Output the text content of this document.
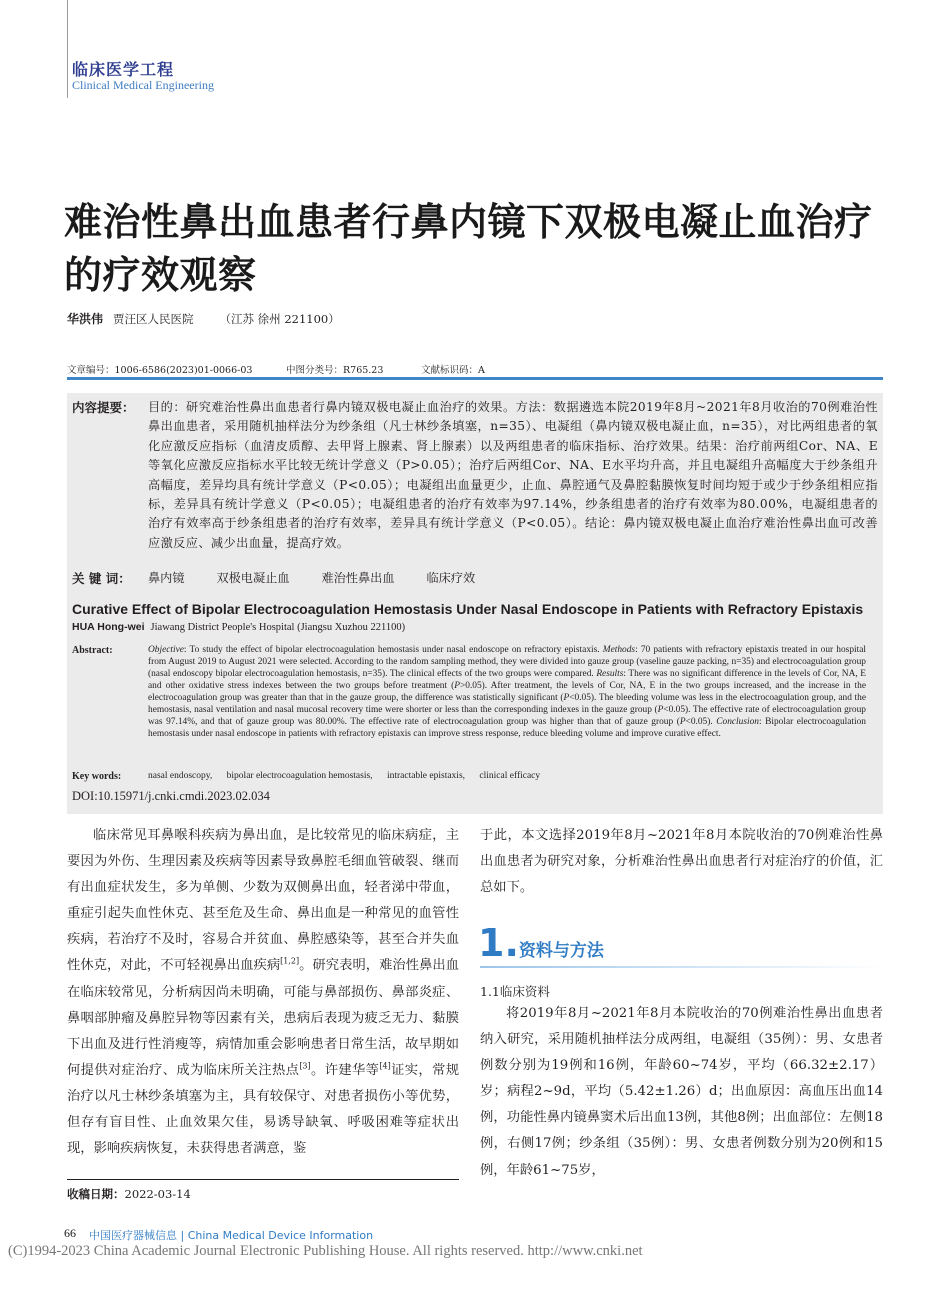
临床医学工程
Clinical Medical Engineering
难治性鼻出血患者行鼻内镜下双极电凝止血治疗的疗效观察
华洪伟 贾汪区人民医院 （江苏 徐州 221100）
文章编号：1006-6586(2023)01-0066-03	中图分类号：R765.23	文献标识码：A
内容提要： 目的：研究难治性鼻出血患者行鼻内镜双极电凝止血治疗的效果。方法：数据遴选本院2019年8月~2021年8月收治的70例难治性鼻出血患者，采用随机抽样法分为纱条组（凡士林纱条填塞，n=35）、电凝组（鼻内镜双极电凝止血，n=35），对比两组患者的氧化应激反应指标（血清皮质醇、去甲肾上腺素、肾上腺素）以及两组患者的临床指标、治疗效果。结果：治疗前两组Cor、NA、E等氧化应激反应指标水平比较无统计学意义（P>0.05）；治疗后两组Cor、NA、E水平均升高，并且电凝组升高幅度大于纱条组升高幅度，差异均具有统计学意义（P<0.05）；电凝组出血量更少，止血、鼻腔通气及鼻腔黏膜恢复时间均短于或少于纱条组相应指标，差异具有统计学意义（P<0.05）；电凝组患者的治疗有效率为97.14%，纱条组患者的治疗有效率为80.00%，电凝组患者的治疗有效率高于纱条组患者的治疗有效率，差异具有统计学意义（P<0.05）。结论：鼻内镜双极电凝止血治疗难治性鼻出血可改善应激反应、减少出血量，提高疗效。
关 键 词： 鼻内镜	双极电凝止血	难治性鼻出血	临床疗效
Curative Effect of Bipolar Electrocoagulation Hemostasis Under Nasal Endoscope in Patients with Refractory Epistaxis
HUA Hong-wei Jiawang District People's Hospital (Jiangsu Xuzhou 221100)
Abstract:	Objective: To study the effect of bipolar electrocoagulation hemostasis under nasal endoscope on refractory epistaxis. Methods: 70 patients with refractory epistaxis treated in our hospital from August 2019 to August 2021 were selected. According to the random sampling method, they were divided into gauze group (vaseline gauze packing, n=35) and electrocoagulation group (nasal endoscopy bipolar electrocoagulation hemostasis, n=35). The clinical effects of the two groups were compared. Results: There was no significant difference in the levels of Cor, NA, E and other oxidative stress indexes between the two groups before treatment (P>0.05). After treatment, the levels of Cor, NA, E in the two groups increased, and the increase in the electrocoagulation group was greater than that in the gauze group, the difference was statistically significant (P<0.05). The bleeding volume was less in the electrocoagulation group, and the hemostasis, nasal ventilation and nasal mucosal recovery time were shorter or less than the corresponding indexes in the gauze group (P<0.05). The effective rate of electrocoagulation group was 97.14%, and that of gauze group was 80.00%. The effective rate of electrocoagulation group was higher than that of gauze group (P<0.05). Conclusion: Bipolar electrocoagulation hemostasis under nasal endoscope in patients with refractory epistaxis can improve stress response, reduce bleeding volume and improve curative effect.
Key words:	nasal endoscopy, bipolar electrocoagulation hemostasis, intractable epistaxis, clinical efficacy
DOI:10.15971/j.cnki.cmdi.2023.02.034

临床常见耳鼻喉科疾病为鼻出血，是比较常见的临床病症，主要因为外伤、生理因素及疾病等因素导致鼻腔毛细血管破裂、继而有出血症状发生，多为单侧、少数为双侧鼻出血，轻者涕中带血，重症引起失血性休克、甚至危及生命、鼻出血是一种常见的血管性疾病，若治疗不及时，容易合并贫血、鼻腔感染等，甚至合并失血性休克，对此，不可轻视鼻出血疾病[1,2]。研究表明，难治性鼻出血在临床较常见，分析病因尚未明确，可能与鼻部损伤、鼻部炎症、鼻咽部肿瘤及鼻腔异物等因素有关，患病后表现为疲乏无力、黏膜下出血及进行性消瘦等，病情加重会影响患者日常生活，故早期如何提供对症治疗、成为临床所关注热点[3]。许建华等[4]证实，常规治疗以凡士林纱条填塞为主，具有较保守、对患者损伤小等优势，但存有盲目性、止血效果欠佳，易诱导缺氧、呼吸困难等症状出现，影响疾病恢复，未获得患者满意，鉴

于此，本文选择2019年8月~2021年8月本院收治的70例难治性鼻出血患者为研究对象，分析难治性鼻出血患者行对症治疗的价值，汇总如下。

1.资料与方法
1.1临床资料

将2019年8月~2021年8月本院收治的70例难治性鼻出血患者纳入研究，采用随机抽样法分成两组，电凝组（35例）：男、女患者例数分别为19例和16例，年龄60~74岁，平均（66.32±2.17）岁；病程2~9d，平均（5.42±1.26）d；出血原因：高血压出血14例，功能性鼻内镜鼻窦术后出血13例，其他8例；出血部位：左侧18例，右侧17例；纱条组（35例）：男、女患者例数分别为20例和15例，年龄61~75岁，

收稿日期：2022-03-14
66 中国医疗器械信息 | China Medical Device Information
(C)1994-2023 China Academic Journal Electronic Publishing House. All rights reserved. http://www.cnki.net
